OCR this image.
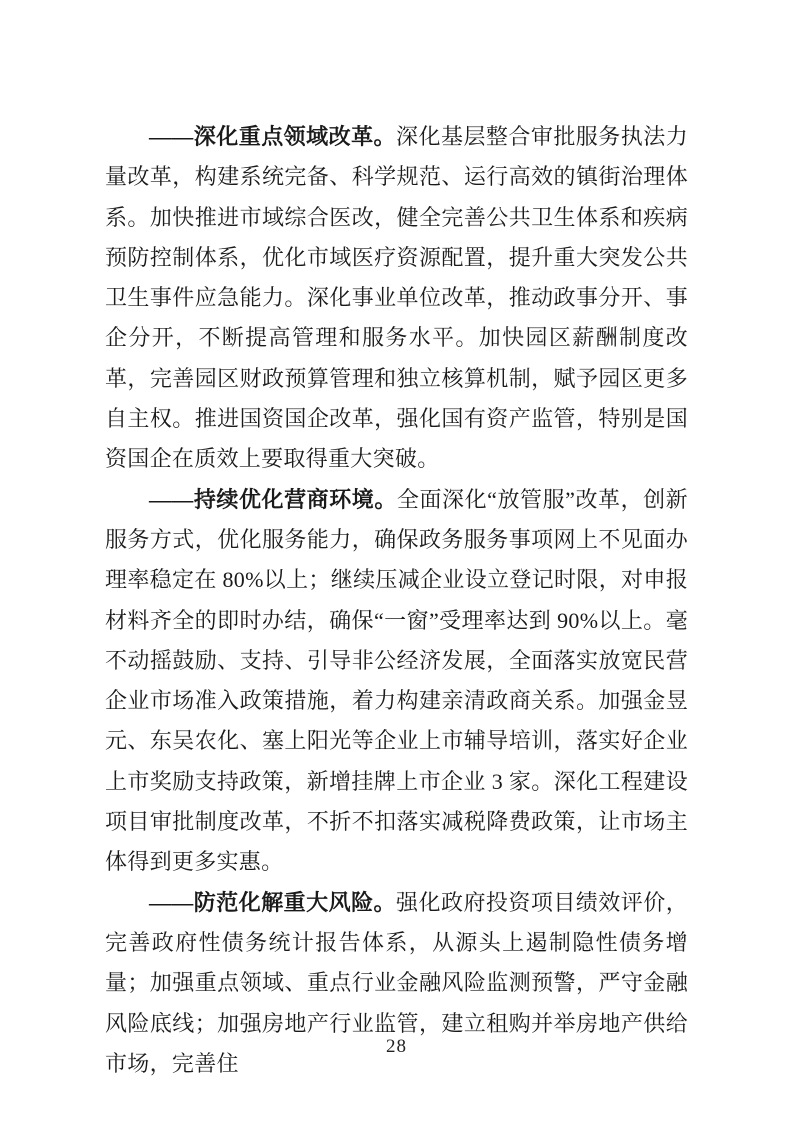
——深化重点领域改革。深化基层整合审批服务执法力量改革，构建系统完备、科学规范、运行高效的镇街治理体系。加快推进市域综合医改，健全完善公共卫生体系和疾病预防控制体系，优化市域医疗资源配置，提升重大突发公共卫生事件应急能力。深化事业单位改革，推动政事分开、事企分开，不断提高管理和服务水平。加快园区薪酬制度改革，完善园区财政预算管理和独立核算机制，赋予园区更多自主权。推进国资国企改革，强化国有资产监管，特别是国资国企在质效上要取得重大突破。

——持续优化营商环境。全面深化“放管服”改革，创新服务方式，优化服务能力，确保政务服务事项网上不见面办理率稳定在 80%以上；继续压减企业设立登记时限，对申报材料齐全的即时办结，确保“一窗”受理率达到 90%以上。毫不动摇鼓励、支持、引导非公经济发展，全面落实放宽民营企业市场准入政策措施，着力构建亲清政商关系。加强金昱元、东吴农化、塞上阳光等企业上市辅导培训，落实好企业上市奖励支持政策，新增挂牌上市企业 3 家。深化工程建设项目审批制度改革，不折不扣落实减税降费政策，让市场主体得到更多实惠。

——防范化解重大风险。强化政府投资项目绩效评价，完善政府性债务统计报告体系，从源头上遏制隐性债务增量；加强重点领域、重点行业金融风险监测预警，严守金融风险底线；加强房地产行业监管，建立租购并举房地产供给市场，完善住

28
